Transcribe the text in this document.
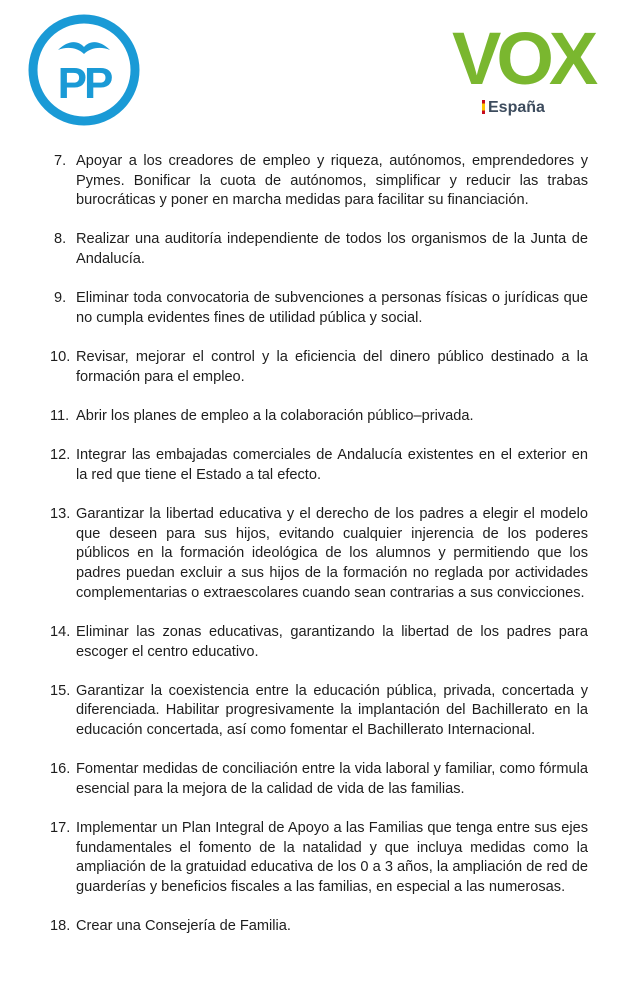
PP	VOX
España
7. Apoyar a los creadores de empleo y riqueza, autónomos, emprendedores y Pymes. Bonificar la cuota de autónomos, simplificar y reducir las trabas burocráticas y poner en marcha medidas para facilitar su financiación.
8. Realizar una auditoría independiente de todos los organismos de la Junta de Andalucía.
9. Eliminar toda convocatoria de subvenciones a personas físicas o jurídicas que no cumpla evidentes fines de utilidad pública y social.
10. Revisar, mejorar el control y la eficiencia del dinero público destinado a la formación para el empleo.
11. Abrir los planes de empleo a la colaboración público–privada.
12. Integrar las embajadas comerciales de Andalucía existentes en el exterior en la red que tiene el Estado a tal efecto.
13. Garantizar la libertad educativa y el derecho de los padres a elegir el modelo que deseen para sus hijos, evitando cualquier injerencia de los poderes públicos en la formación ideológica de los alumnos y permitiendo que los padres puedan excluir a sus hijos de la formación no reglada por actividades complementarias o extraescolares cuando sean contrarias a sus convicciones.
14. Eliminar las zonas educativas, garantizando la libertad de los padres para escoger el centro educativo.
15. Garantizar la coexistencia entre la educación pública, privada, concertada y diferenciada. Habilitar progresivamente la implantación del Bachillerato en la educación concertada, así como fomentar el Bachillerato Internacional.
16. Fomentar medidas de conciliación entre la vida laboral y familiar, como fórmula esencial para la mejora de la calidad de vida de las familias.
17. Implementar un Plan Integral de Apoyo a las Familias que tenga entre sus ejes fundamentales el fomento de la natalidad y que incluya medidas como la ampliación de la gratuidad educativa de los 0 a 3 años, la ampliación de red de guarderías y beneficios fiscales a las familias, en especial a las numerosas.
18. Crear una Consejería de Familia.
